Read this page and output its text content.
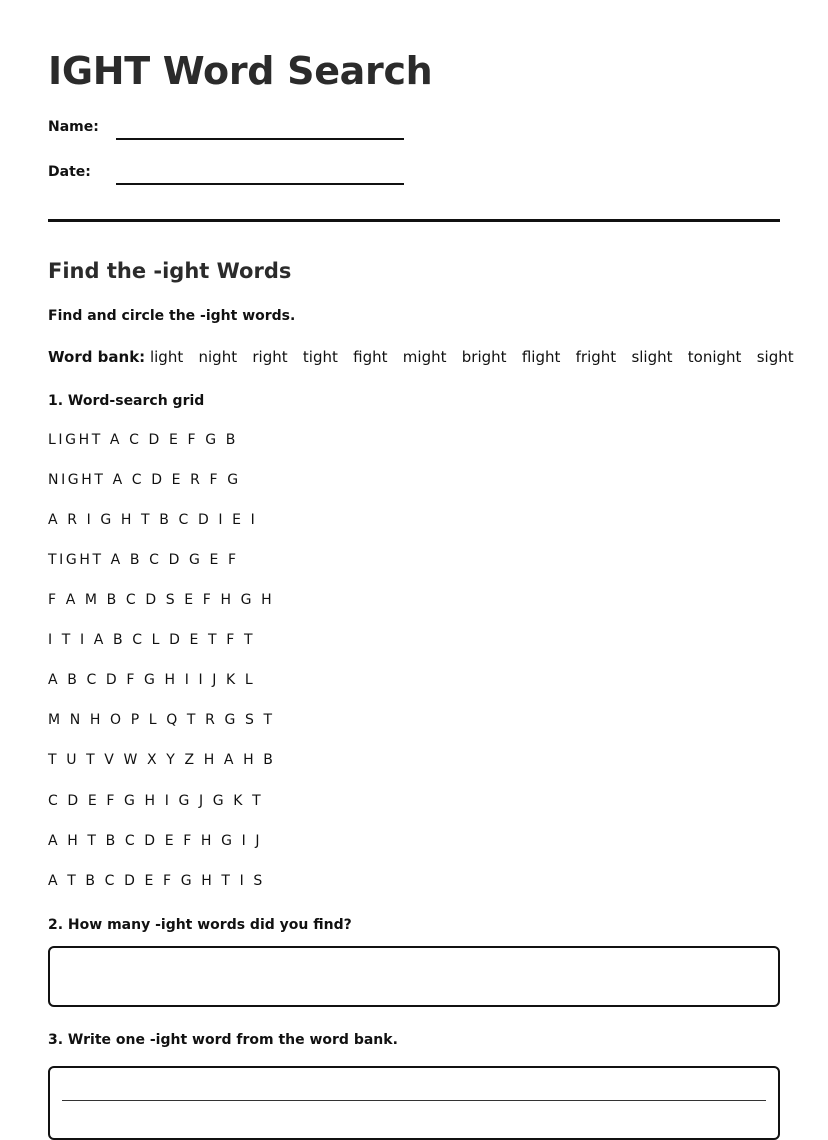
IGHT Word Search
Name:
Date:
Find the -ight Words
Find and circle the -ight words.
Word bank: light night right tight fight might bright flight fright slight tonight sight
1. Word-search grid
LIGHT A C D E F G B
NIGHT A C D E R F G
A R I G H T B C D I E I
TIGHT A B C D G E F
F A M B C D S E F H G H
I T I A B C L D E T F T
A B C D F G H I I J K L
M N H O P L Q T R G S T
T U T V W X Y Z H A H B
C D E F G H I G J G K T
A H T B C D E F H G I J
A T B C D E F G H T I S
2. How many -ight words did you find?
3. Write one -ight word from the word bank.
